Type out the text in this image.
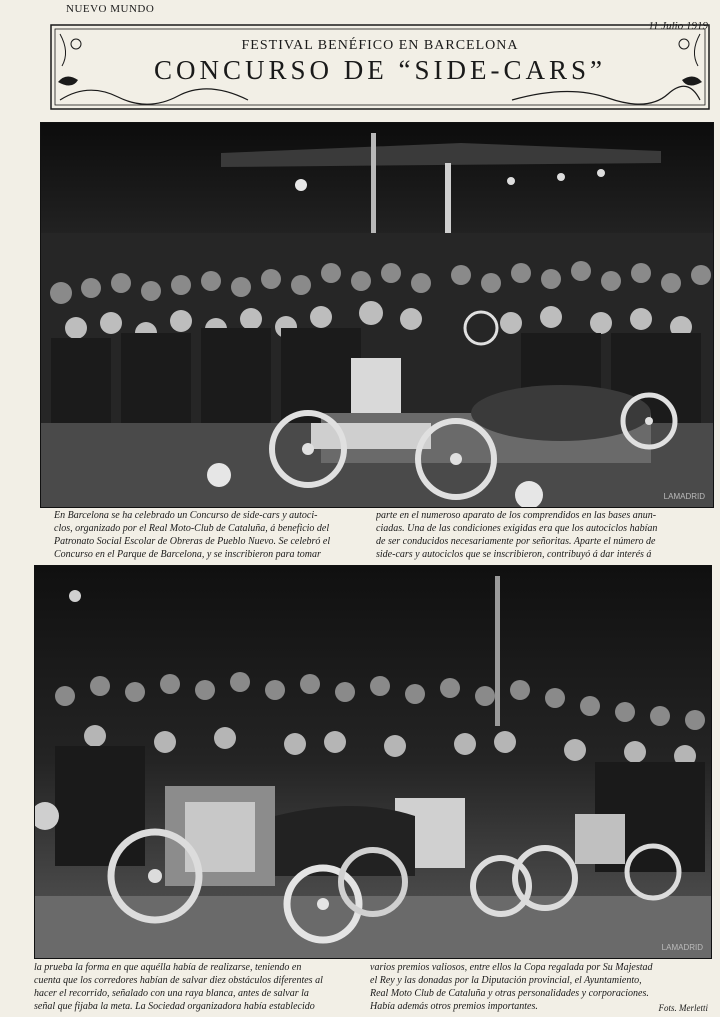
NUEVO MUNDO
11 Julio 1919
FESTIVAL BENÉFICO EN BARCELONA
CONCURSO DE “SIDE-CARS”
LAMADRID
En Barcelona se ha celebrado un Concurso de side-cars y autoci-
clos, organizado por el Real Moto-Club de Cataluña, á beneficio del
Patronato Social Escolar de Obreras de Pueblo Nuevo. Se celebró el
Concurso en el Parque de Barcelona, y se inscribieron para tomar
parte en el numeroso aparato de los comprendidos en las bases anun-
ciadas. Una de las condiciones exigidas era que los autociclos habían
de ser conducidos necesariamente por señoritas. Aparte el número de
side-cars y autociclos que se inscribieron, contribuyó á dar interés á
LAMADRID
la prueba la forma en que aquélla había de realizarse, teniendo en
cuenta que los corredores habían de salvar diez obstáculos diferentes al
hacer el recorrido, señalado con una raya blanca, antes de salvar la
señal que fijaba la meta. La Sociedad organizadora había establecido
varios premios valiosos, entre ellos la Copa regalada por Su Majestad
el Rey y las donadas por la Diputación provincial, el Ayuntamiento,
Real Moto Club de Cataluña y otras personalidades y corporaciones.
Había además otros premios importantes.	Fots. Merletti
